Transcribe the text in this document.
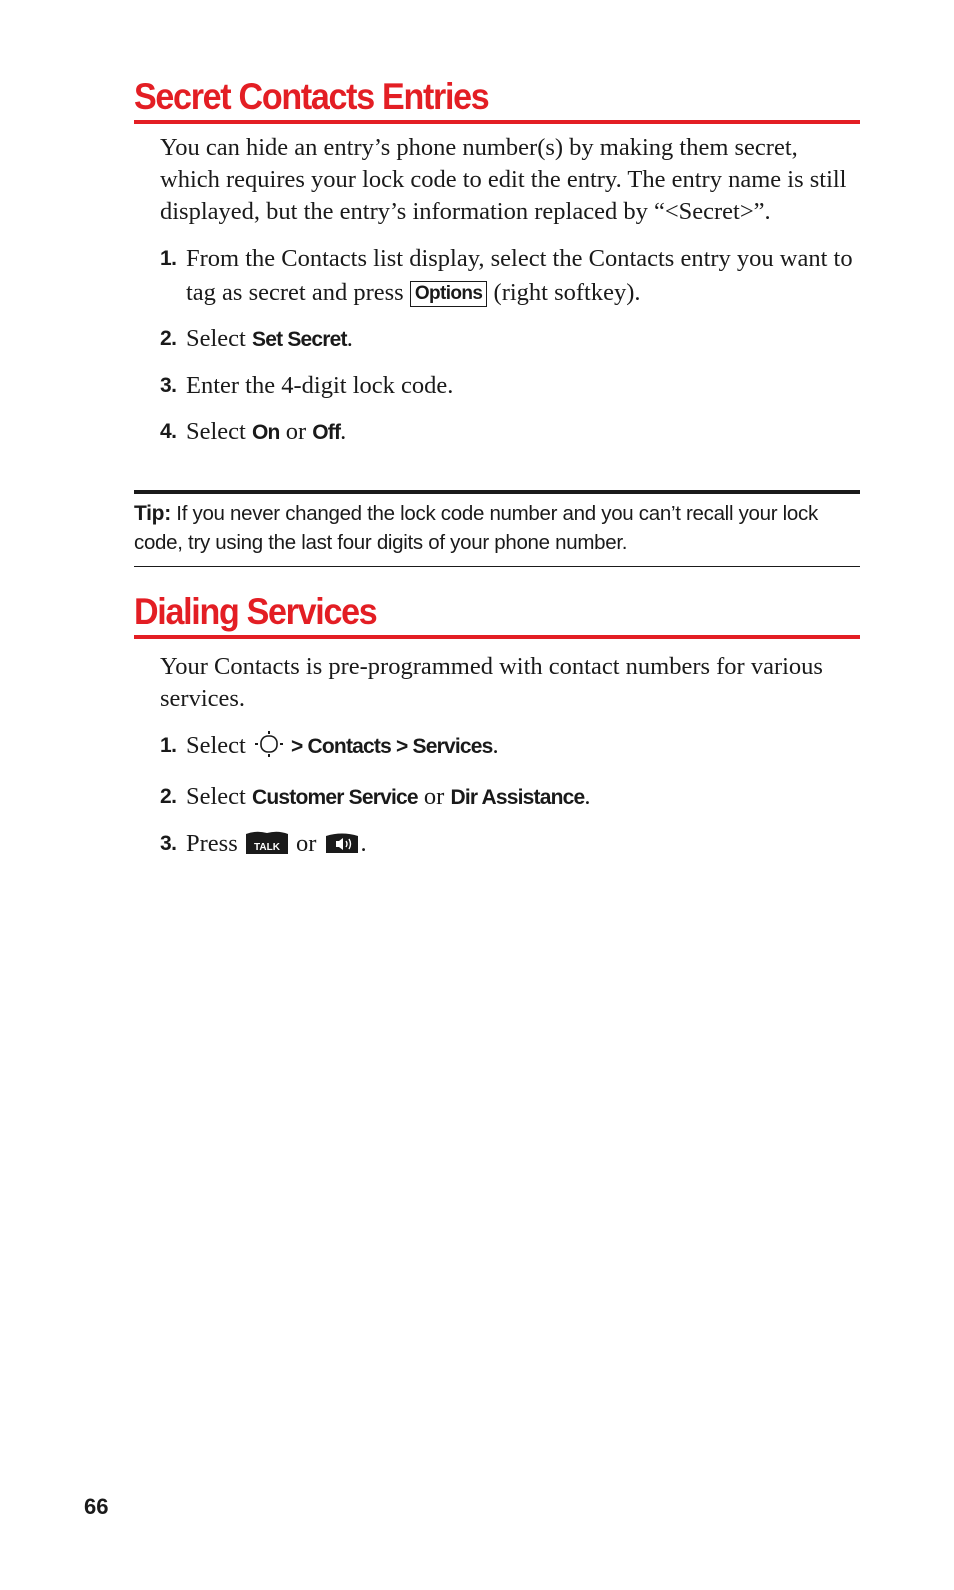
Secret Contacts Entries

You can hide an entry’s phone number(s) by making them secret, which requires your lock code to edit the entry. The entry name is still displayed, but the entry’s information replaced by “<Secret>”.

1. From the Contacts list display, select the Contacts entry you want to tag as secret and press Options (right softkey).
2. Select Set Secret.
3. Enter the 4-digit lock code.
4. Select On or Off.
Tip: If you never changed the lock code number and you can’t recall your lock code, try using the last four digits of your phone number.
Dialing Services

Your Contacts is pre-programmed with contact numbers for various services.

1. Select  > Contacts > Services.
2. Select Customer Service or Dir Assistance.
3. Press TALK or .
66
